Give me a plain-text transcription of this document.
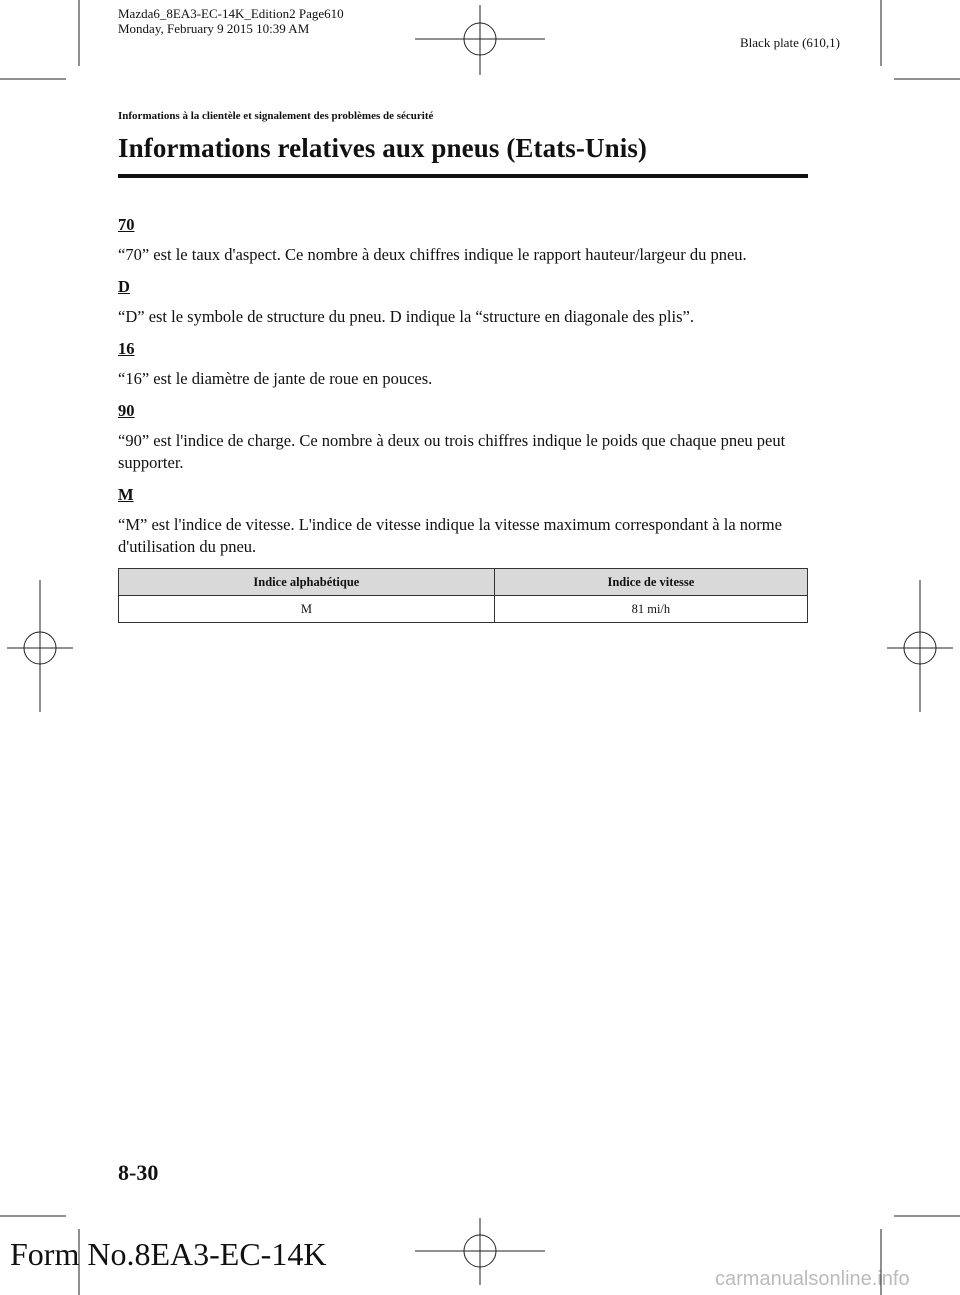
Mazda6_8EA3-EC-14K_Edition2 Page610
Monday, February 9 2015 10:39 AM
Black plate (610,1)
Informations à la clientèle et signalement des problèmes de sécurité
Informations relatives aux pneus (Etats-Unis)

70

“70” est le taux d'aspect. Ce nombre à deux chiffres indique le rapport hauteur/largeur du pneu.

D

“D” est le symbole de structure du pneu. D indique la “structure en diagonale des plis”.

16

“16” est le diamètre de jante de roue en pouces.

90

“90” est l'indice de charge. Ce nombre à deux ou trois chiffres indique le poids que chaque pneu peut supporter.

M

“M” est l'indice de vitesse. L'indice de vitesse indique la vitesse maximum correspondant à la norme d'utilisation du pneu.

Indice alphabétique	Indice de vitesse
M	81 mi/h
8-30
Form No.8EA3-EC-14K
carmanualsonline.info
